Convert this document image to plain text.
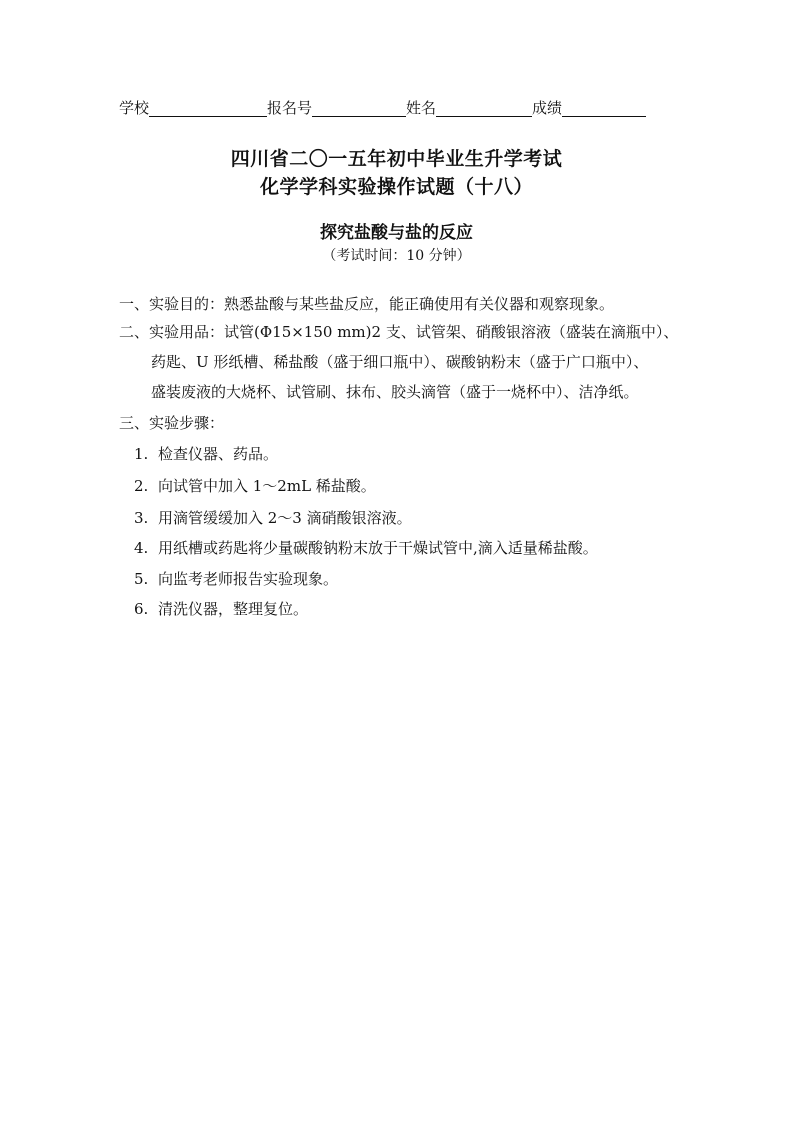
学校	报名号	姓名	成绩
四川省二〇一五年初中毕业生升学考试
化学学科实验操作试题（十八）
探究盐酸与盐的反应
（考试时间：10 分钟）
一、实验目的：熟悉盐酸与某些盐反应，能正确使用有关仪器和观察现象。
二、实验用品：试管(Φ15×150 mm)2 支、试管架、硝酸银溶液（盛装在滴瓶中）、
药匙、U 形纸槽、稀盐酸（盛于细口瓶中）、碳酸钠粉末（盛于广口瓶中）、
盛装废液的大烧杯、试管刷、抹布、胶头滴管（盛于一烧杯中）、洁净纸。
三、实验步骤：
1. 检查仪器、药品。
2. 向试管中加入 1～2mL 稀盐酸。
3. 用滴管缓缓加入 2～3 滴硝酸银溶液。
4. 用纸槽或药匙将少量碳酸钠粉末放于干燥试管中,滴入适量稀盐酸。
5. 向监考老师报告实验现象。
6. 清洗仪器，整理复位。
